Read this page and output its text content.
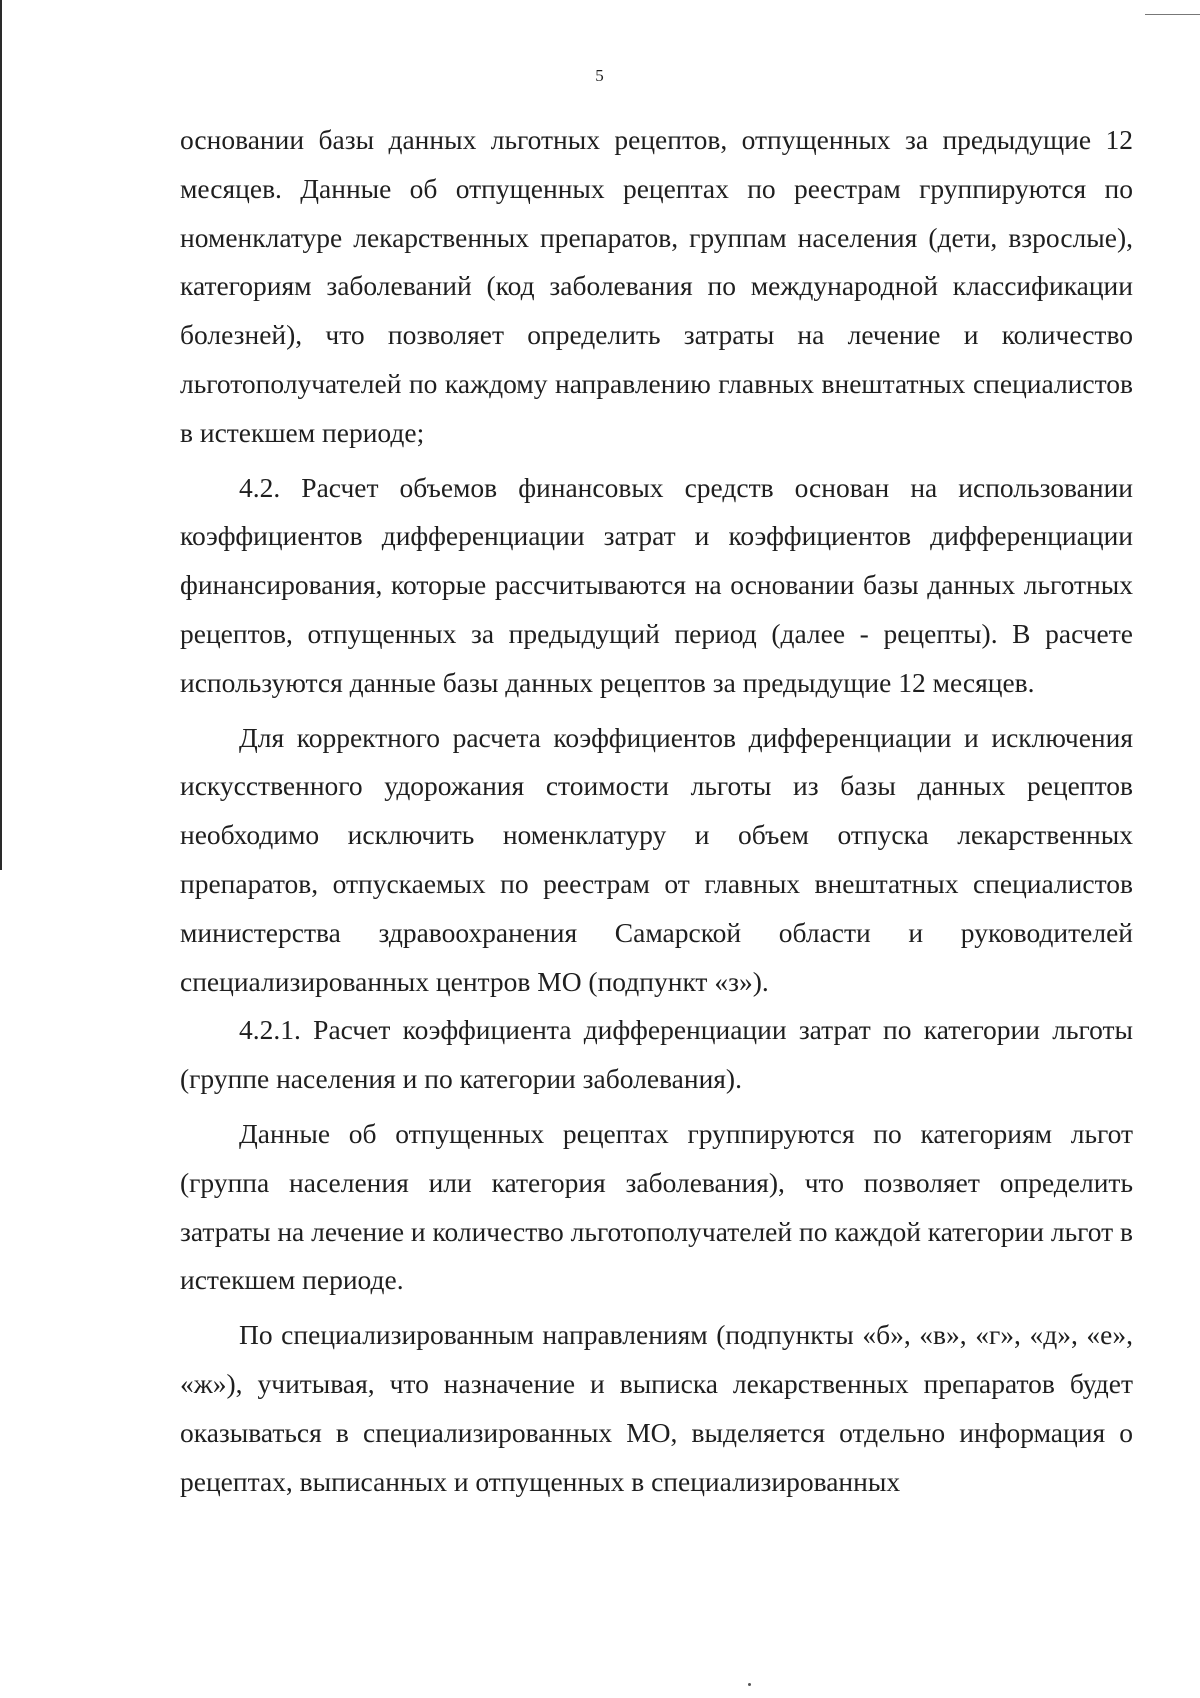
5

основании базы данных льготных рецептов, отпущенных за предыдущие 12 месяцев. Данные об отпущенных рецептах по реестрам группируются по номенклатуре лекарственных препаратов, группам населения (дети, взрослые), категориям заболеваний (код заболевания по международной классификации болезней), что позволяет определить затраты на лечение и количество льготополучателей по каждому направлению главных внештатных специалистов в истекшем периоде;

4.2. Расчет объемов финансовых средств основан на использовании коэффициентов дифференциации затрат и коэффициентов дифференциации финансирования, которые рассчитываются на основании базы данных льготных рецептов, отпущенных за предыдущий период (далее - рецепты). В расчете используются данные базы данных рецептов за предыдущие 12 месяцев.

Для корректного расчета коэффициентов дифференциации и исключения искусственного удорожания стоимости льготы из базы данных рецептов необходимо исключить номенклатуру и объем отпуска лекарственных препаратов, отпускаемых по реестрам от главных внештатных специалистов министерства здравоохранения Самарской области и руководителей специализированных центров МО (подпункт «з»).

4.2.1. Расчет коэффициента дифференциации затрат по категории льготы (группе населения и по категории заболевания).

Данные об отпущенных рецептах группируются по категориям льгот (группа населения или категория заболевания), что позволяет определить затраты на лечение и количество льготополучателей по каждой категории льгот в истекшем периоде.

По специализированным направлениям (подпункты «б», «в», «г», «д», «е», «ж»), учитывая, что назначение и выписка лекарственных препаратов будет оказываться в специализированных МО, выделяется отдельно информация о рецептах, выписанных и отпущенных в специализированных
